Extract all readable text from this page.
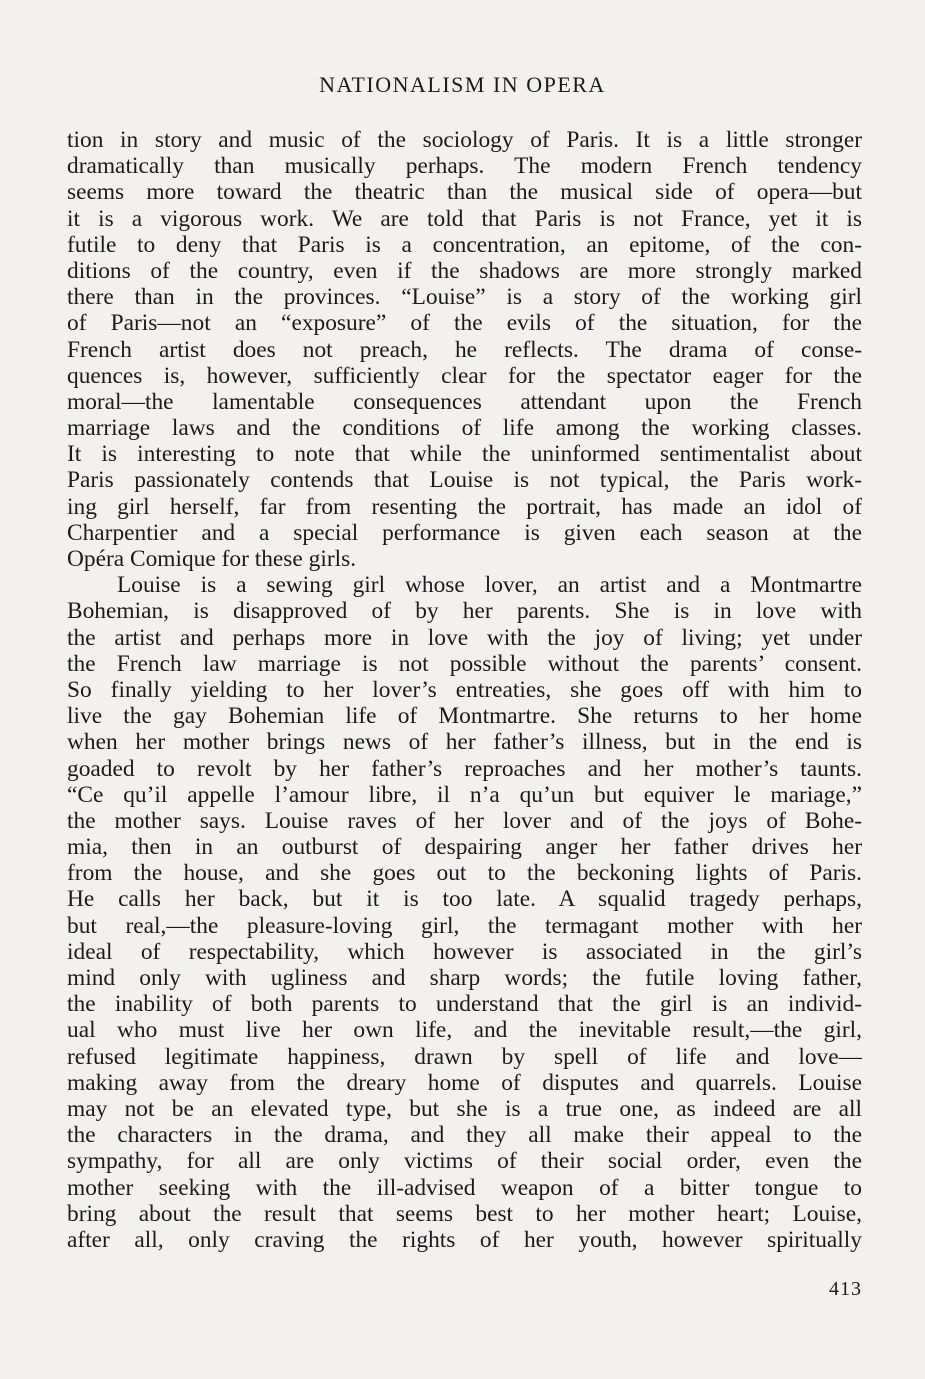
NATIONALISM IN OPERA
tion in story and music of the sociology of Paris. It is a little stronger
dramatically than musically perhaps. The modern French tendency
seems more toward the theatric than the musical side of opera—but
it is a vigorous work. We are told that Paris is not France, yet it is
futile to deny that Paris is a concentration, an epitome, of the con-
ditions of the country, even if the shadows are more strongly marked
there than in the provinces. “Louise” is a story of the working girl
of Paris—not an “exposure” of the evils of the situation, for the
French artist does not preach, he reflects. The drama of conse-
quences is, however, sufficiently clear for the spectator eager for the
moral—the lamentable consequences attendant upon the French
marriage laws and the conditions of life among the working classes.
It is interesting to note that while the uninformed sentimentalist about
Paris passionately contends that Louise is not typical, the Paris work-
ing girl herself, far from resenting the portrait, has made an idol of
Charpentier and a special performance is given each season at the
Opéra Comique for these girls.
Louise is a sewing girl whose lover, an artist and a Montmartre
Bohemian, is disapproved of by her parents. She is in love with
the artist and perhaps more in love with the joy of living; yet under
the French law marriage is not possible without the parents’ consent.
So finally yielding to her lover’s entreaties, she goes off with him to
live the gay Bohemian life of Montmartre. She returns to her home
when her mother brings news of her father’s illness, but in the end is
goaded to revolt by her father’s reproaches and her mother’s taunts.
“Ce qu’il appelle l’amour libre, il n’a qu’un but equiver le mariage,”
the mother says. Louise raves of her lover and of the joys of Bohe-
mia, then in an outburst of despairing anger her father drives her
from the house, and she goes out to the beckoning lights of Paris.
He calls her back, but it is too late. A squalid tragedy perhaps,
but real,—the pleasure-loving girl, the termagant mother with her
ideal of respectability, which however is associated in the girl’s
mind only with ugliness and sharp words; the futile loving father,
the inability of both parents to understand that the girl is an individ-
ual who must live her own life, and the inevitable result,—the girl,
refused legitimate happiness, drawn by spell of life and love—
making away from the dreary home of disputes and quarrels. Louise
may not be an elevated type, but she is a true one, as indeed are all
the characters in the drama, and they all make their appeal to the
sympathy, for all are only victims of their social order, even the
mother seeking with the ill-advised weapon of a bitter tongue to
bring about the result that seems best to her mother heart; Louise,
after all, only craving the rights of her youth, however spiritually
413
